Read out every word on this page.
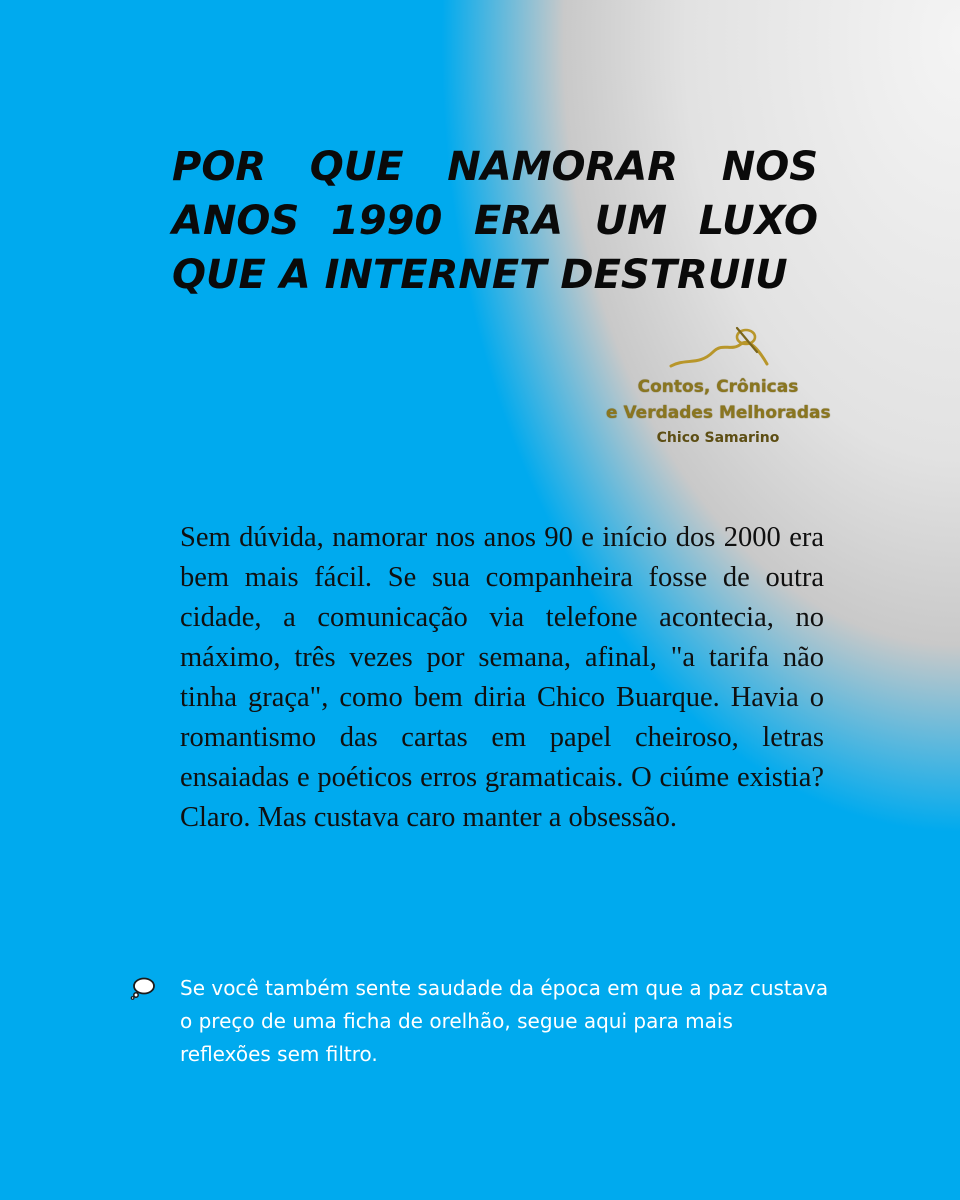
POR QUE NAMORAR NOS
ANOS 1990 ERA UM LUXO
QUE A INTERNET DESTRUIU
Contos, Crônicas
e Verdades Melhoradas
Chico Samarino

Sem dúvida, namorar nos anos 90 e início dos 2000 era bem mais fácil. Se sua companheira fosse de outra cidade, a comunicação via telefone acontecia, no máximo, três vezes por semana, afinal, "a tarifa não tinha graça", como bem diria Chico Buarque. Havia o romantismo das cartas em papel cheiroso, letras ensaiadas e poéticos erros gramaticais. O ciúme existia? Claro. Mas custava caro manter a obsessão.

Se você também sente saudade da época em que a paz custava o preço de uma ficha de orelhão, segue aqui para mais reflexões sem filtro.
